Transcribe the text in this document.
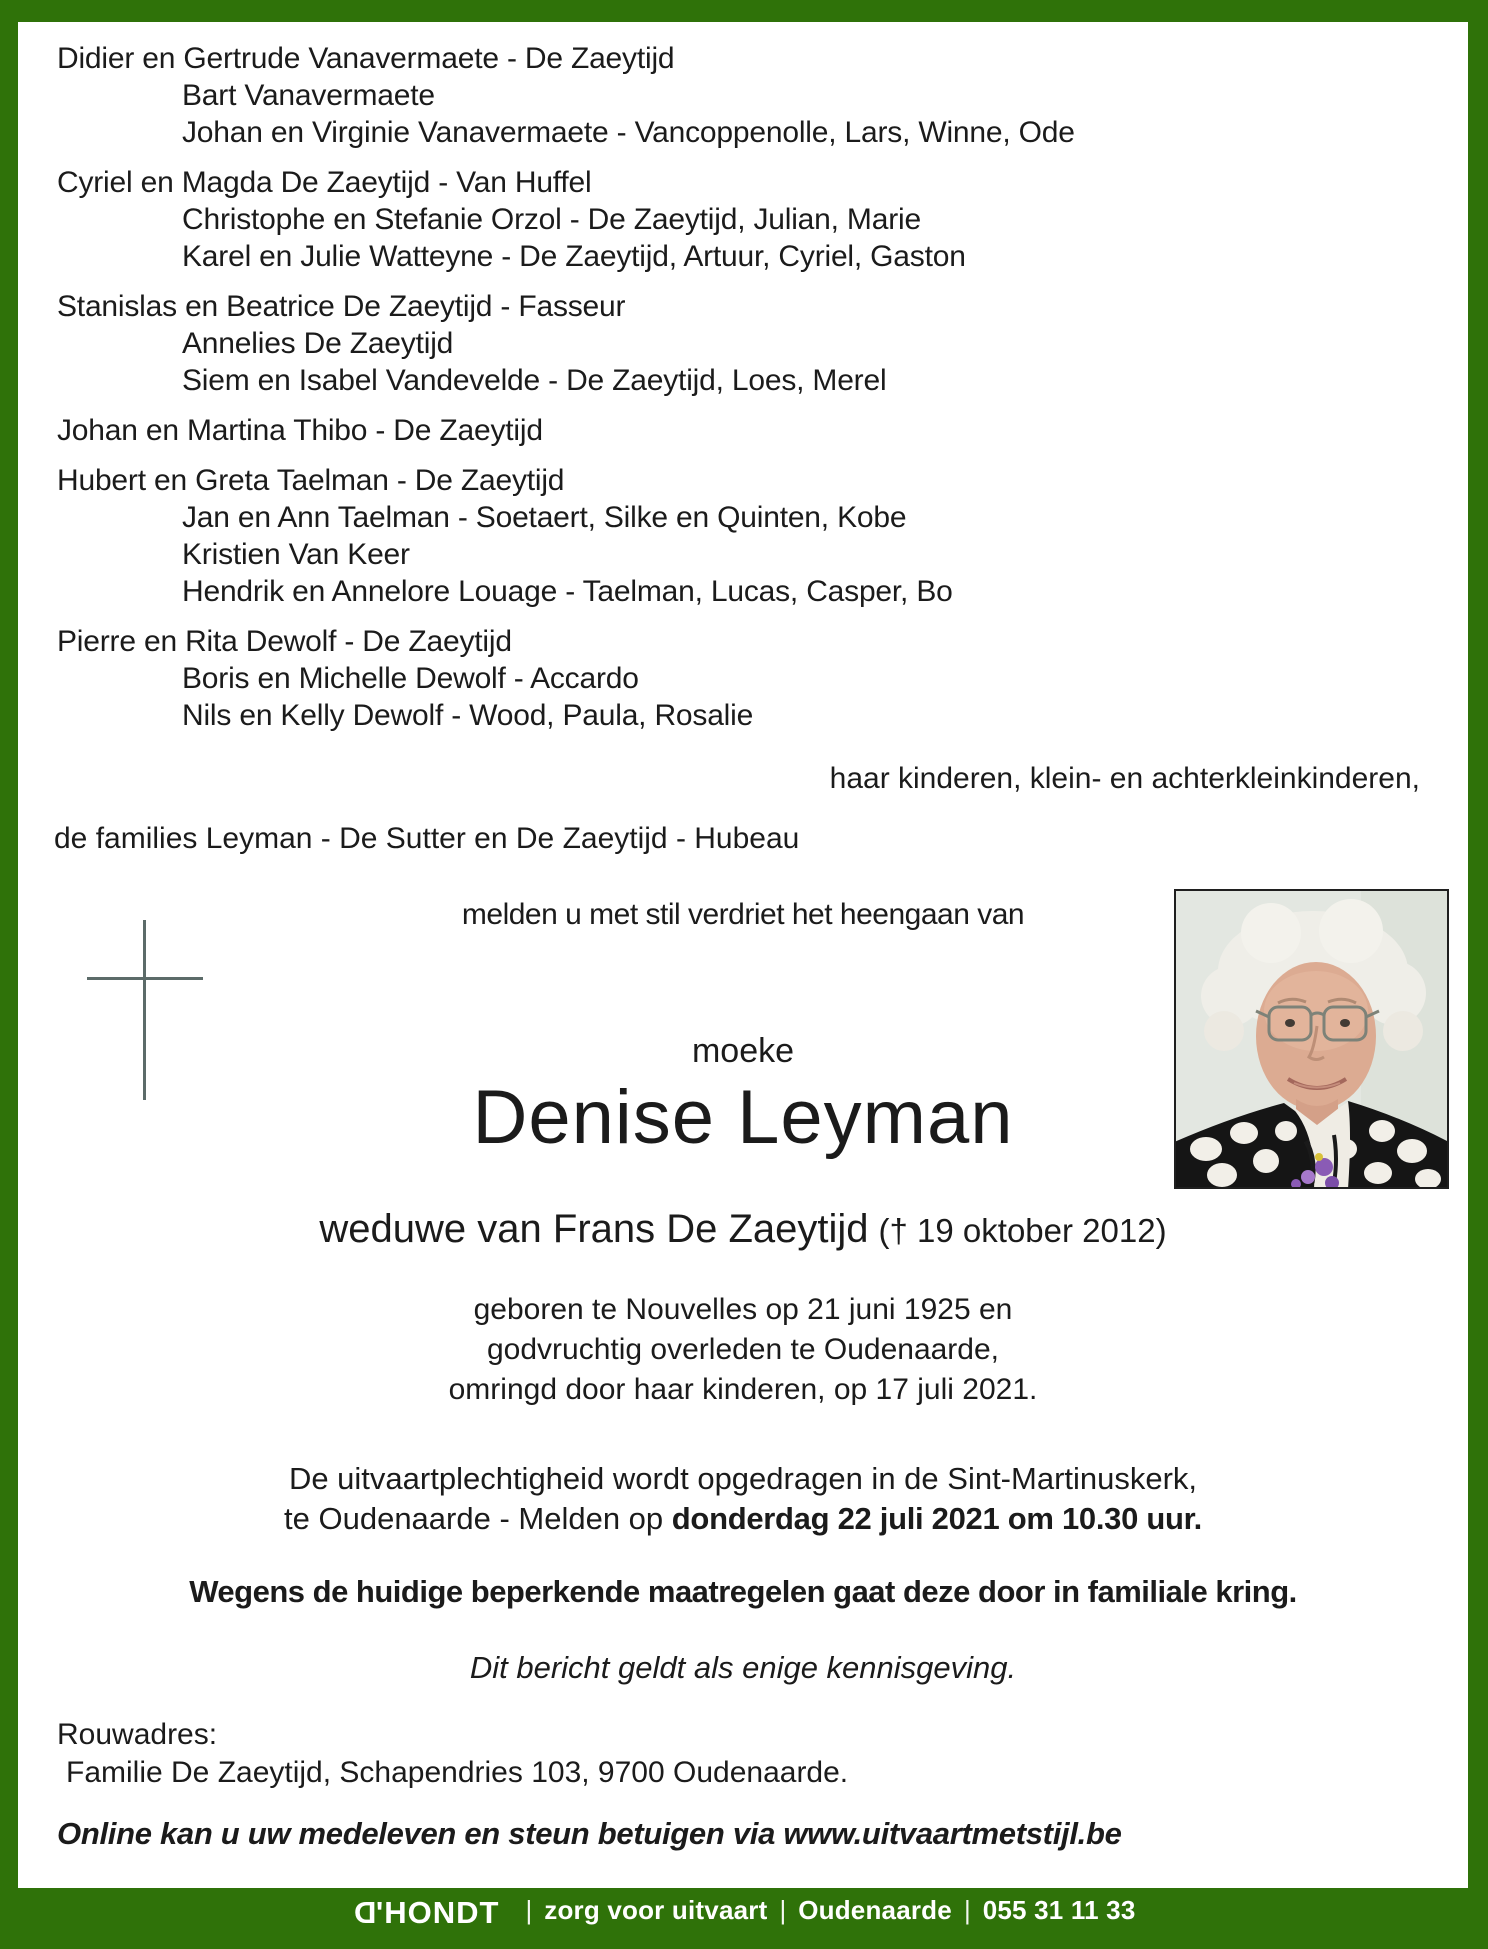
Didier en Gertrude Vanavermaete - De Zaeytijd
Bart Vanavermaete
Johan en Virginie Vanavermaete - Vancoppenolle, Lars, Winne, Ode
Cyriel en Magda De Zaeytijd - Van Huffel
Christophe en Stefanie Orzol - De Zaeytijd, Julian, Marie
Karel en Julie Watteyne - De Zaeytijd, Artuur, Cyriel, Gaston
Stanislas en Beatrice De Zaeytijd - Fasseur
Annelies De Zaeytijd
Siem en Isabel Vandevelde - De Zaeytijd, Loes, Merel
Johan en Martina Thibo - De Zaeytijd
Hubert en Greta Taelman - De Zaeytijd
Jan en Ann Taelman - Soetaert, Silke en Quinten, Kobe
Kristien Van Keer
Hendrik en Annelore Louage - Taelman, Lucas, Casper, Bo
Pierre en Rita Dewolf - De Zaeytijd
Boris en Michelle Dewolf - Accardo
Nils en Kelly Dewolf - Wood, Paula, Rosalie
haar kinderen, klein- en achterkleinkinderen,
de families Leyman - De Sutter en De Zaeytijd - Hubeau
melden u met stil verdriet het heengaan van
moeke
Denise Leyman
weduwe van Frans De Zaeytijd († 19 oktober 2012)
geboren te Nouvelles op 21 juni 1925 en
godvruchtig overleden te Oudenaarde,
omringd door haar kinderen, op 17 juli 2021.
De uitvaartplechtigheid wordt opgedragen in de Sint-Martinuskerk,
te Oudenaarde - Melden op donderdag 22 juli 2021 om 10.30 uur.
Wegens de huidige beperkende maatregelen gaat deze door in familiale kring.
Dit bericht geldt als enige kennisgeving.
Rouwadres:
Familie De Zaeytijd, Schapendries 103, 9700 Oudenaarde.
Online kan u uw medeleven en steun betuigen via www.uitvaartmetstijl.be
D'HONDT | zorg voor uitvaart | Oudenaarde | 055 31 11 33
